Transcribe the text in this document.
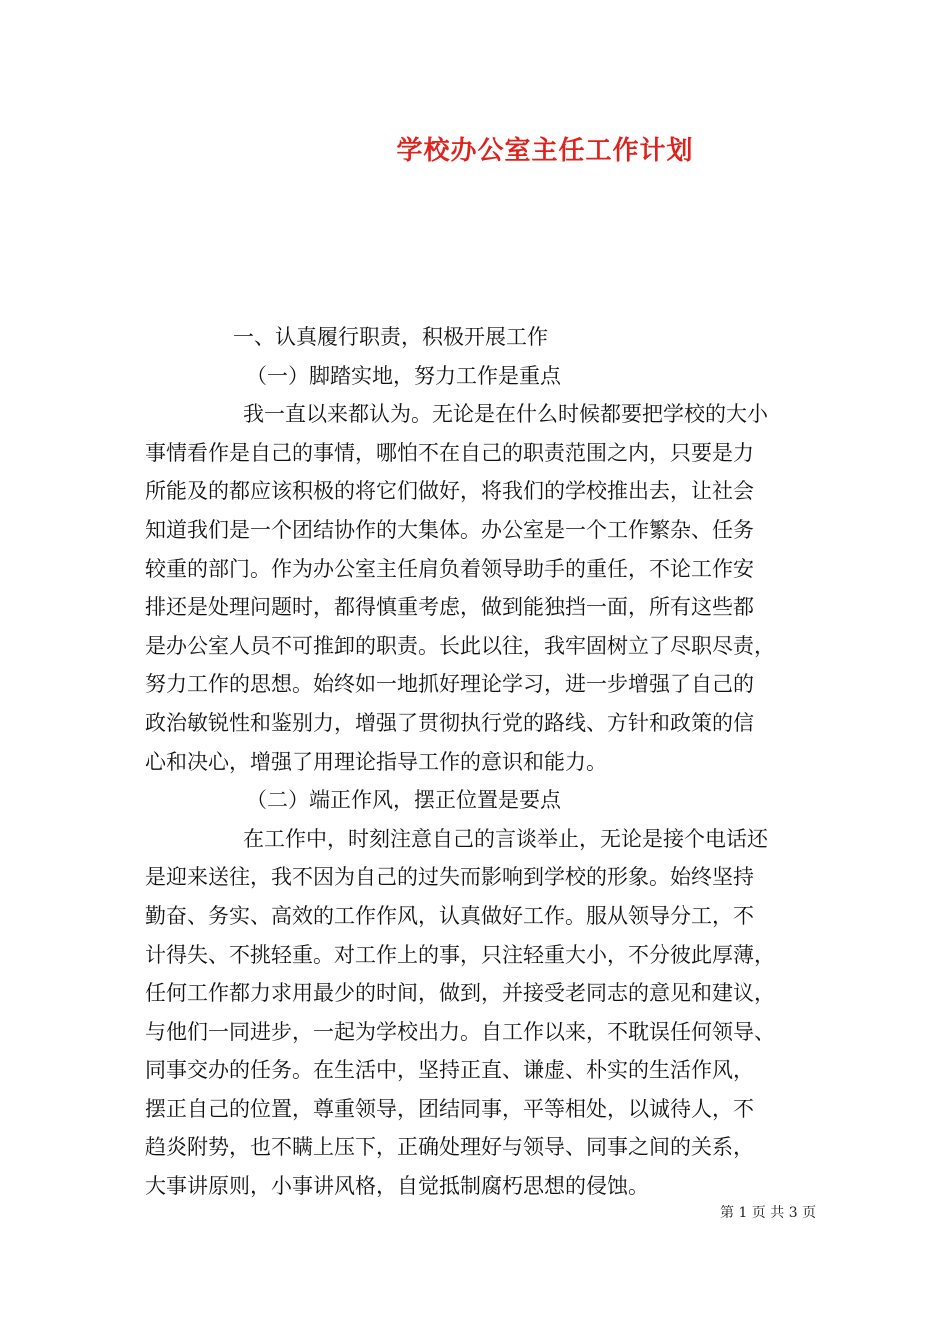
学校办公室主任工作计划
一、认真履行职责，积极开展工作
（一）脚踏实地，努力工作是重点
我一直以来都认为。无论是在什么时候都要把学校的大小
事情看作是自己的事情，哪怕不在自己的职责范围之内，只要是力
所能及的都应该积极的将它们做好，将我们的学校推出去，让社会
知道我们是一个团结协作的大集体。办公室是一个工作繁杂、任务
较重的部门。作为办公室主任肩负着领导助手的重任，不论工作安
排还是处理问题时，都得慎重考虑，做到能独挡一面，所有这些都
是办公室人员不可推卸的职责。长此以往，我牢固树立了尽职尽责，
努力工作的思想。始终如一地抓好理论学习，进一步增强了自己的
政治敏锐性和鉴别力，增强了贯彻执行党的路线、方针和政策的信
心和决心，增强了用理论指导工作的意识和能力。
（二）端正作风，摆正位置是要点
在工作中，时刻注意自己的言谈举止，无论是接个电话还
是迎来送往，我不因为自己的过失而影响到学校的形象。始终坚持
勤奋、务实、高效的工作作风，认真做好工作。服从领导分工，不
计得失、不挑轻重。对工作上的事，只注轻重大小，不分彼此厚薄，
任何工作都力求用最少的时间，做到，并接受老同志的意见和建议，
与他们一同进步，一起为学校出力。自工作以来，不耽误任何领导、
同事交办的任务。在生活中，坚持正直、谦虚、朴实的生活作风，
摆正自己的位置，尊重领导，团结同事，平等相处，以诚待人，不
趋炎附势，也不瞒上压下，正确处理好与领导、同事之间的关系，
大事讲原则，小事讲风格，自觉抵制腐朽思想的侵蚀。
第 1 页 共 3 页
